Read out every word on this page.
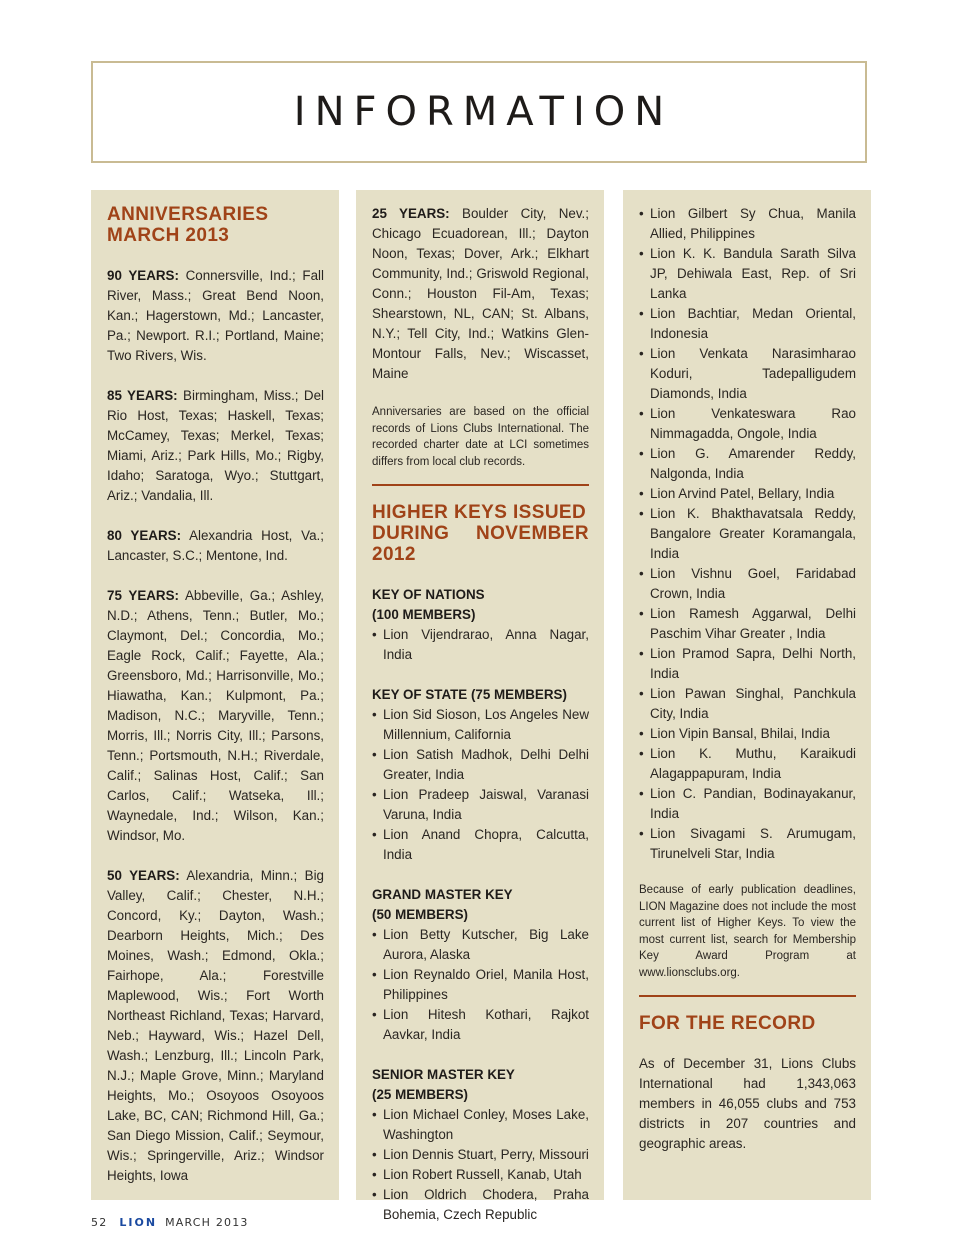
INFORMATION
ANNIVERSARIES
MARCH 2013

90 YEARS: Connersville, Ind.; Fall River, Mass.; Great Bend Noon, Kan.; Hagerstown, Md.; Lancaster, Pa.; Newport. R.I.; Portland, Maine; Two Rivers, Wis.

85 YEARS: Birmingham, Miss.; Del Rio Host, Texas; Haskell, Texas; McCamey, Texas; Merkel, Texas; Miami, Ariz.; Park Hills, Mo.; Rigby, Idaho; Saratoga, Wyo.; Stuttgart, Ariz.; Vandalia, Ill.

80 YEARS: Alexandria Host, Va.; Lancaster, S.C.; Mentone, Ind.

75 YEARS: Abbeville, Ga.; Ashley, N.D.; Athens, Tenn.; Butler, Mo.; Claymont, Del.; Concordia, Mo.; Eagle Rock, Calif.; Fayette, Ala.; Greensboro, Md.; Harrisonville, Mo.; Hiawatha, Kan.; Kulpmont, Pa.; Madison, N.C.; Maryville, Tenn.; Morris, Ill.; Norris City, Ill.; Parsons, Tenn.; Portsmouth, N.H.; Riverdale, Calif.; Salinas Host, Calif.; San Carlos, Calif.; Watseka, Ill.; Waynedale, Ind.; Wilson, Kan.; Windsor, Mo.

50 YEARS: Alexandria, Minn.; Big Valley, Calif.; Chester, N.H.; Concord, Ky.; Dayton, Wash.; Dearborn Heights, Mich.; Des Moines, Wash.; Edmond, Okla.; Fairhope, Ala.; Forestville Maplewood, Wis.; Fort Worth Northeast Richland, Texas; Harvard, Neb.; Hayward, Wis.; Hazel Dell, Wash.; Lenzburg, Ill.; Lincoln Park, N.J.; Maple Grove, Minn.; Maryland Heights, Mo.; Osoyoos Osoyoos Lake, BC, CAN; Richmond Hill, Ga.; San Diego Mission, Calif.; Seymour, Wis.; Springerville, Ariz.; Windsor Heights, Iowa

25 YEARS: Boulder City, Nev.; Chicago Ecuadorean, Ill.; Dayton Noon, Texas; Dover, Ark.; Elkhart Community, Ind.; Griswold Regional, Conn.; Houston Fil-Am, Texas; Shearstown, NL, CAN; St. Albans, N.Y.; Tell City, Ind.; Watkins Glen-Montour Falls, Nev.; Wiscasset, Maine

Anniversaries are based on the official records of Lions Clubs International. The recorded charter date at LCI sometimes differs from local club records.

HIGHER KEYS ISSUED
DURING NOVEMBER 2012

KEY OF NATIONS
(100 MEMBERS)

• Lion Vijendrarao, Anna Nagar, India

KEY OF STATE (75 MEMBERS)

• Lion Sid Sioson, Los Angeles New Millennium, California
• Lion Satish Madhok, Delhi Delhi Greater, India
• Lion Pradeep Jaiswal, Varanasi Varuna, India
• Lion Anand Chopra, Calcutta, India

GRAND MASTER KEY
(50 MEMBERS)

• Lion Betty Kutscher, Big Lake Aurora, Alaska
• Lion Reynaldo Oriel, Manila Host, Philippines
• Lion Hitesh Kothari, Rajkot Aavkar, India

SENIOR MASTER KEY
(25 MEMBERS)

• Lion Michael Conley, Moses Lake, Washington
• Lion Dennis Stuart, Perry, Missouri
• Lion Robert Russell, Kanab, Utah
• Lion Oldrich Chodera, Praha Bohemia, Czech Republic
• Lion Gilbert Sy Chua, Manila Allied, Philippines
• Lion K. K. Bandula Sarath Silva JP, Dehiwala East, Rep. of Sri Lanka
• Lion Bachtiar, Medan Oriental, Indonesia
• Lion Venkata Narasimharao Koduri, Tadepalligudem Diamonds, India
• Lion Venkateswara Rao Nimmagadda, Ongole, India
• Lion G. Amarender Reddy, Nalgonda, India
• Lion Arvind Patel, Bellary, India
• Lion K. Bhakthavatsala Reddy, Bangalore Greater Koramangala, India
• Lion Vishnu Goel, Faridabad Crown, India
• Lion Ramesh Aggarwal, Delhi Paschim Vihar Greater , India
• Lion Pramod Sapra, Delhi North, India
• Lion Pawan Singhal, Panchkula City, India
• Lion Vipin Bansal, Bhilai, India
• Lion K. Muthu, Karaikudi Alagappapuram, India
• Lion C. Pandian, Bodinayakanur, India
• Lion Sivagami S. Arumugam, Tirunelveli Star, India

Because of early publication deadlines, LION Magazine does not include the most current list of Higher Keys. To view the most current list, search for Membership Key Award Program at www.lionsclubs.org.

FOR THE RECORD

As of December 31, Lions Clubs International had 1,343,063 members in 46,055 clubs and 753 districts in 207 countries and geographic areas.

52 LION MARCH 2013
